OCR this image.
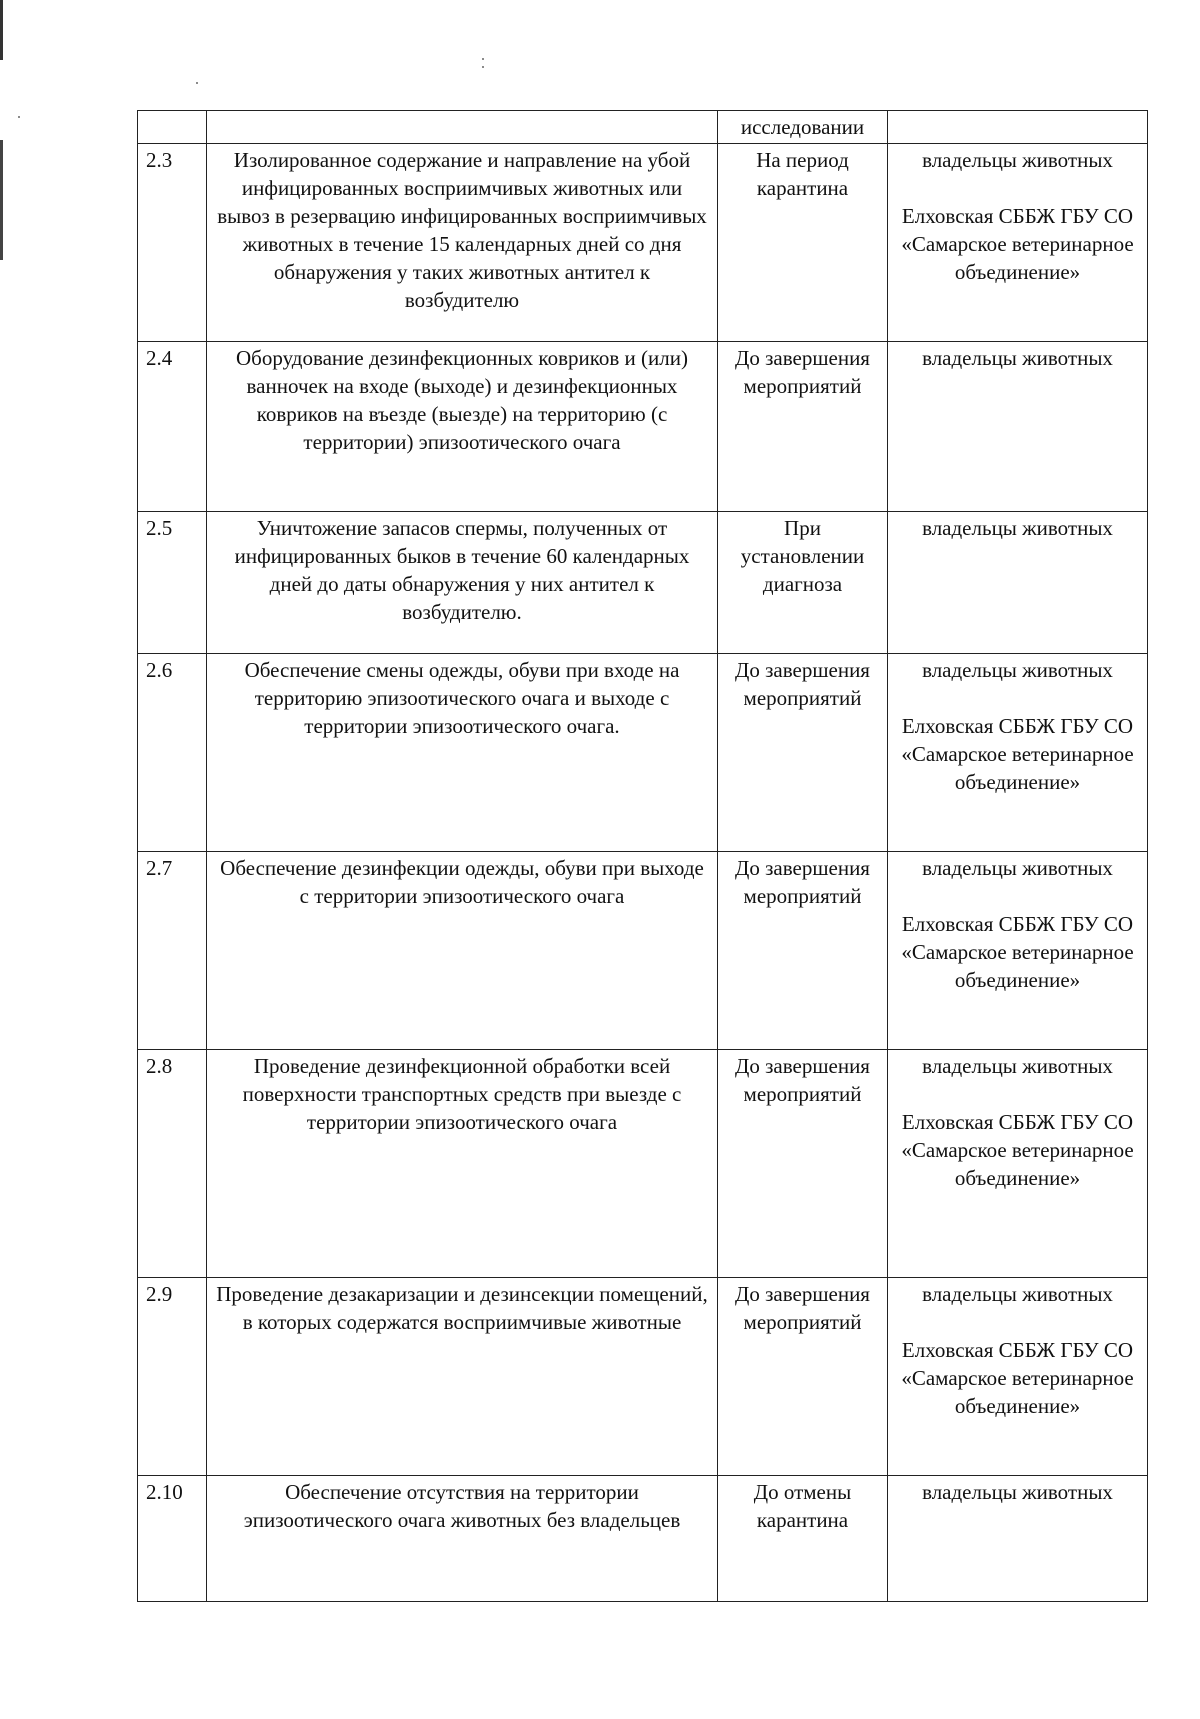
		исследовании	
2.3	Изолированное содержание и направление на убой инфицированных восприимчивых животных или вывоз в резервацию инфицированных восприимчивых животных в течение 15 календарных дней со дня обнаружения у таких животных антител к возбудителю	На период карантина	владельцы животных
Елховская СББЖ ГБУ СО «Самарское ветеринарное объединение»

2.4	Оборудование дезинфекционных ковриков и (или) ванночек на входе (выходе) и дезинфекционных ковриков на въезде (выезде) на территорию (с территории) эпизоотического очага	До завершения мероприятий	владельцы животных
2.5	Уничтожение запасов спермы, полученных от инфицированных быков в течение 60 календарных дней до даты обнаружения у них антител к возбудителю.	При установлении диагноза	владельцы животных
2.6	Обеспечение смены одежды, обуви при входе на территорию эпизоотического очага и выходе с территории эпизоотического очага.	До завершения мероприятий	владельцы животных
Елховская СББЖ ГБУ СО «Самарское ветеринарное объединение»

2.7	Обеспечение дезинфекции одежды, обуви при выходе с территории эпизоотического очага	До завершения мероприятий	владельцы животных
Елховская СББЖ ГБУ СО «Самарское ветеринарное объединение»

2.8	Проведение дезинфекционной обработки всей поверхности транспортных средств при выезде с территории эпизоотического очага	До завершения мероприятий	владельцы животных
Елховская СББЖ ГБУ СО «Самарское ветеринарное объединение»

2.9	Проведение дезакаризации и дезинсекции помещений, в которых содержатся восприимчивые животные	До завершения мероприятий	владельцы животных
Елховская СББЖ ГБУ СО «Самарское ветеринарное объединение»

2.10	Обеспечение отсутствия на территории эпизоотического очага животных без владельцев	До отмены карантина	владельцы животных
